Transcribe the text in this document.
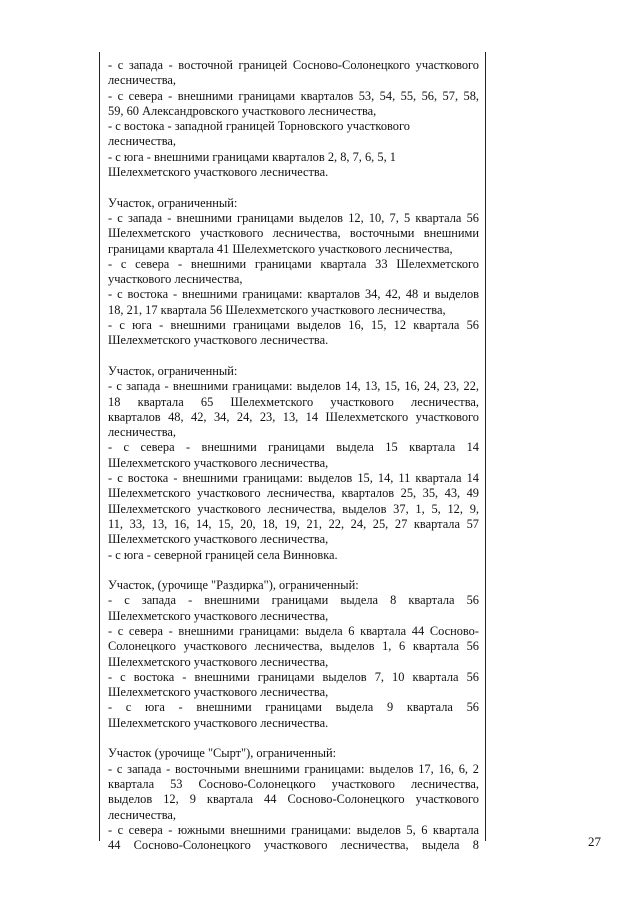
- с запада - восточной границей Сосново-Солонецкого участкового
лесничества,
- с севера - внешними границами кварталов 53, 54, 55, 56, 57, 58,
59, 60 Александровского участкового лесничества,
- с востока - западной границей Торновского участкового
лесничества,
- с юга - внешними границами кварталов 2, 8, 7, 6, 5, 1
Шелехметского участкового лесничества.
Участок, ограниченный:
- с запада - внешними границами выделов 12, 10, 7, 5 квартала 56
Шелехметского участкового лесничества, восточными внешними
границами квартала 41 Шелехметского участкового лесничества,
- с севера - внешними границами квартала 33 Шелехметского
участкового лесничества,
- с востока - внешними границами: кварталов 34, 42, 48 и выделов
18, 21, 17 квартала 56 Шелехметского участкового лесничества,
- с юга - внешними границами выделов 16, 15, 12 квартала 56
Шелехметского участкового лесничества.
Участок, ограниченный:
- с запада - внешними границами: выделов 14, 13, 15, 16, 24, 23, 22,
18 квартала 65 Шелехметского участкового лесничества,
кварталов 48, 42, 34, 24, 23, 13, 14 Шелехметского участкового
лесничества,
- с севера - внешними границами выдела 15 квартала 14
Шелехметского участкового лесничества,
- с востока - внешними границами: выделов 15, 14, 11 квартала 14
Шелехметского участкового лесничества, кварталов 25, 35, 43, 49
Шелехметского участкового лесничества, выделов 37, 1, 5, 12, 9,
11, 33, 13, 16, 14, 15, 20, 18, 19, 21, 22, 24, 25, 27 квартала 57
Шелехметского участкового лесничества,
- с юга - северной границей села Винновка.
Участок, (урочище "Раздирка"), ограниченный:
- с запада - внешними границами выдела 8 квартала 56
Шелехметского участкового лесничества,
- с севера - внешними границами: выдела 6 квартала 44 Сосново-
Солонецкого участкового лесничества, выделов 1, 6 квартала 56
Шелехметского участкового лесничества,
- с востока - внешними границами выделов 7, 10 квартала 56
Шелехметского участкового лесничества,
- с юга - внешними границами выдела 9 квартала 56
Шелехметского участкового лесничества.
Участок (урочище "Сырт"), ограниченный:
- с запада - восточными внешними границами: выделов 17, 16, 6, 2
квартала 53 Сосново-Солонецкого участкового лесничества,
выделов 12, 9 квартала 44 Сосново-Солонецкого участкового
лесничества,
- с севера - южными внешними границами: выделов 5, 6 квартала
44 Сосново-Солонецкого участкового лесничества, выдела 8	27
